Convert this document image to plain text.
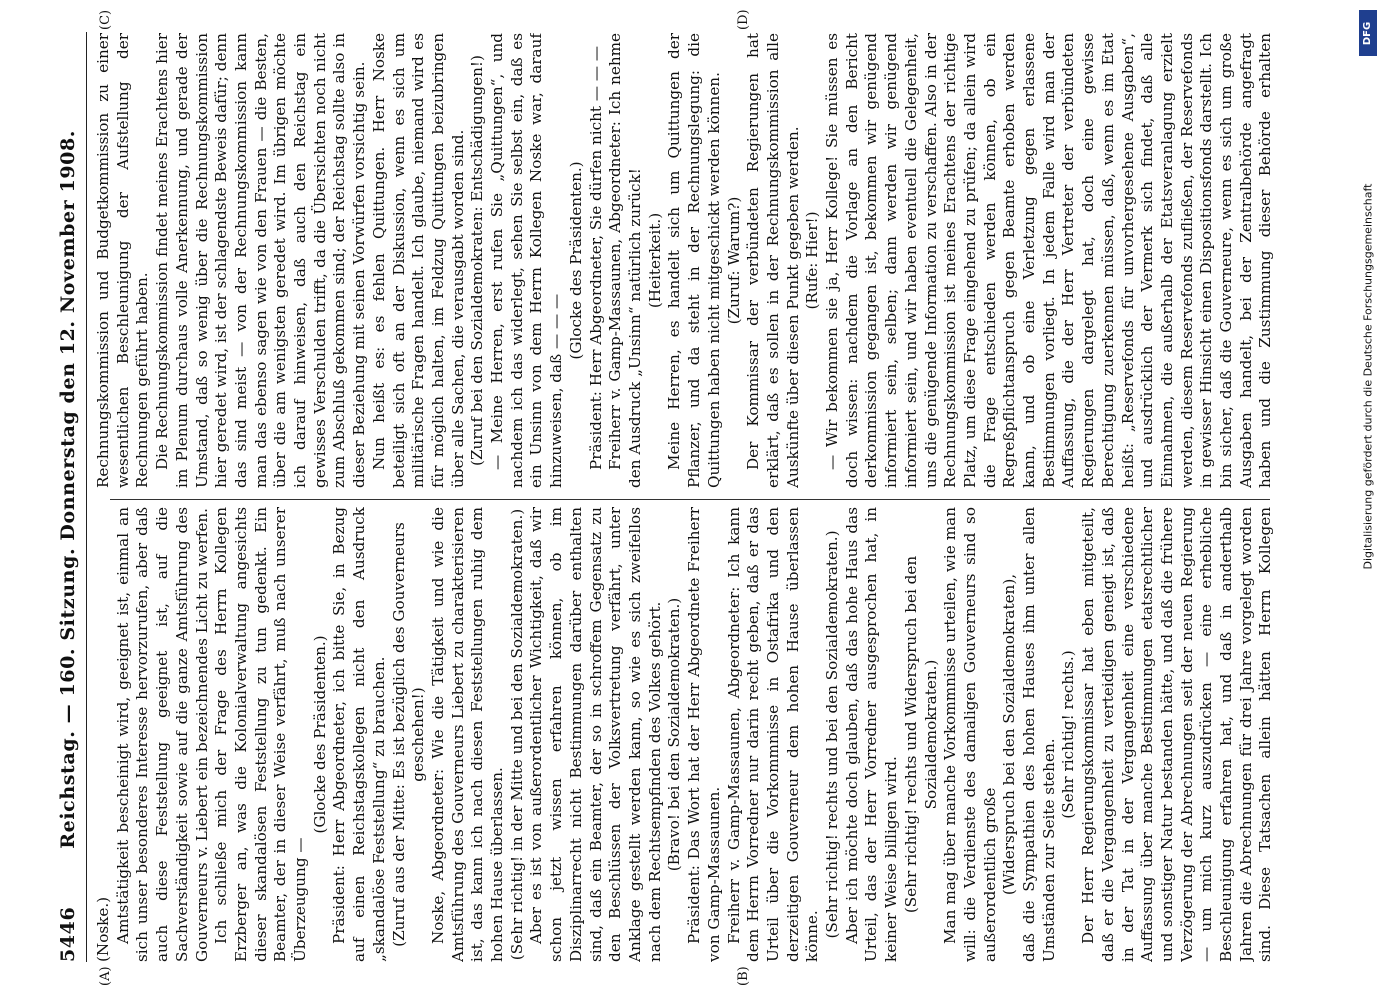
5446
Reichstag. — 160. Sitzung. Donnerstag den 12. November 1908.
(A)	(B)
(C)	(D)

(Noske.) Amtstätigkeit bescheinigt wird, geeignet ist, einmal an sich unser besonderes Interesse hervorzurufen, aber daß auch diese Feststellung geeignet ist, auf die Sachverständigkeit sowie auf die ganze Amtsführung des Gouverneurs v. Liebert ein bezeichnendes Licht zu werfen. Ich schließe mich der Frage des Herrn Kollegen Erzberger an, was die Kolonialverwaltung angesichts dieser skandalösen Feststellung zu tun gedenkt. Ein Beamter, der in dieser Weise verfährt, muß nach unserer Überzeugung —

(Glocke des Präsidenten.) Präsident: Herr Abgeordneter, ich bitte Sie, in Bezug auf einen Reichstagskollegen nicht den Ausdruck „skandalöse Feststellung“ zu brauchen. (Zuruf aus der Mitte: Es ist bezüglich des Gouverneurs geschehen!) Noske, Abgeordneter: Wie die Tätigkeit und wie die Amtsführung des Gouverneurs Liebert zu charakterisieren ist, das kann ich nach diesen Feststellungen ruhig dem hohen Hause überlassen. (Sehr richtig! in der Mitte und bei den Sozialdemokraten.) Aber es ist von außerordentlicher Wichtigkeit, daß wir schon jetzt wissen erfahren können, ob im Disziplinarrecht nicht Bestimmungen darüber enthalten sind, daß ein Beamter, der so in schroffem Gegensatz zu den Beschlüssen der Volksvertretung verfährt, unter Anklage gestellt werden kann, so wie es sich zweifellos nach dem Rechtsempfinden des Volkes gehört. (Bravo! bei den Sozialdemokraten.) Präsident: Das Wort hat der Herr Abgeordnete Freiherr von Gamp-Massaunen. Freiherr v. Gamp-Massaunen, Abgeordneter: Ich kann dem Herrn Vorredner nur darin recht geben, daß er das Urteil über die Vorkommnisse in Ostafrika und den derzeitigen Gouverneur dem hohen Hause überlassen könne. (Sehr richtig! rechts und bei den Sozialdemokraten.) Aber ich möchte doch glauben, daß das hohe Haus das Urteil, das der Herr Vorredner ausgesprochen hat, in keiner Weise billigen wird. (Sehr richtig! rechts und Widerspruch bei den Sozialdemokraten.) Man mag über manche Vorkommnisse urteilen, wie man will: die Verdienste des damaligen Gouverneurs sind so außerordentlich große (Widerspruch bei den Sozialdemokraten), daß die Sympathien des hohen Hauses ihm unter allen Umständen zur Seite stehen.

(Sehr richtig! rechts.)

Der Herr Regierungskommissar hat eben mitgeteilt, daß er die Vergangenheit zu verteidigen geneigt ist, daß in der Tat in der Vergangenheit eine verschiedene Auffassung über manche Bestimmungen etatsrechtlicher und sonstiger Natur bestanden hätte, und daß die frühere Verzögerung der Abrechnungen seit der neuen Regierung — um mich kurz auszudrücken — eine erhebliche Beschleunigung erfahren hat, und daß in anderthalb Jahren die Abrechnungen für drei Jahre vorgelegt worden sind. Diese Tatsachen allein hätten Herrn Kollegen

Rechnungskommission und Budgetkommission zu einer wesentlichen Beschleunigung der Aufstellung der Rechnungen geführt haben. Die Rechnungskommission findet meines Erachtens hier im Plenum durchaus volle Anerkennung, und gerade der Umstand, daß so wenig über die Rechnungskommission hier geredet wird, ist der schlagendste Beweis dafür; denn das sind meist — von der Rechnungskommission kann man das ebenso sagen wie von den Frauen — die Besten, über die am wenigsten geredet wird. Im übrigen möchte ich darauf hinweisen, daß auch den Reichstag ein gewisses Verschulden trifft, da die Übersichten noch nicht zum Abschluß gekommen sind; der Reichstag sollte also in dieser Beziehung mit seinen Vorwürfen vorsichtig sein. Nun heißt es: es fehlen Quittungen. Herr Noske beteiligt sich oft an der Diskussion, wenn es sich um militärische Fragen handelt. Ich glaube, niemand wird es für möglich halten, im Feldzug Quittungen beizubringen über alle Sachen, die verausgabt worden sind. (Zuruf bei den Sozialdemokraten: Entschädigungen!) — Meine Herren, erst rufen Sie „Quittungen“, und nachdem ich das widerlegt, sehen Sie selbst ein, daß es ein Unsinn von dem Herrn Kollegen Noske war, darauf hinzuweisen, daß — — —

(Glocke des Präsidenten.) Präsident: Herr Abgeordneter, Sie dürfen nicht — — — Freiherr v. Gamp-Massaunen, Abgeordneter: Ich nehme den Ausdruck „Unsinn“ natürlich zurück! (Heiterkeit.) Meine Herren, es handelt sich um Quittungen der Pflanzer, und da steht in der Rechnungslegung: die Quittungen haben nicht mitgeschickt werden können. (Zuruf: Warum?) Der Kommissar der verbündeten Regierungen hat erklärt, daß es sollen in der Rechnungskommission alle Auskünfte über diesen Punkt gegeben werden. (Rufe: Hier!)

— Wir bekommen sie ja, Herr Kollege! Sie müssen es doch wissen: nachdem die Vorlage an den Bericht derkommission gegangen ist, bekommen wir genügend informiert sein, selben; dann werden wir genügend informiert sein, und wir haben eventuell die Gelegenheit, uns die genügende Information zu verschaffen. Also in der Rechnungskommission ist meines Erachtens der richtige Platz, um diese Frage eingehend zu prüfen; da allein wird die Frage entschieden werden können, ob ein Regreßpflichtanspruch gegen Beamte erhoben werden kann, und ob eine Verletzung gegen erlassene Bestimmungen vorliegt. In jedem Falle wird man der Auffassung, die der Herr Vertreter der verbündeten Regierungen dargelegt hat, doch eine gewisse Berechtigung zuerkennen müssen, daß, wenn es im Etat heißt: „Reservefonds für unvorhergesehene Ausgaben“, und ausdrücklich der Vermerk sich findet, daß alle Einnahmen, die außerhalb der Etatsveranlagung erzielt werden, diesem Reservefonds zufließen, der Reservefonds in gewisser Hinsicht einen Dispositionsfonds darstellt. Ich bin sicher, daß die Gouverneure, wenn es sich um große Ausgaben handelt, bei der Zentralbehörde angefragt haben und die Zustimmung dieser Behörde erhalten	DFG
Digitalisierung gefördert durch die Deutsche Forschungsgemeinschaft
